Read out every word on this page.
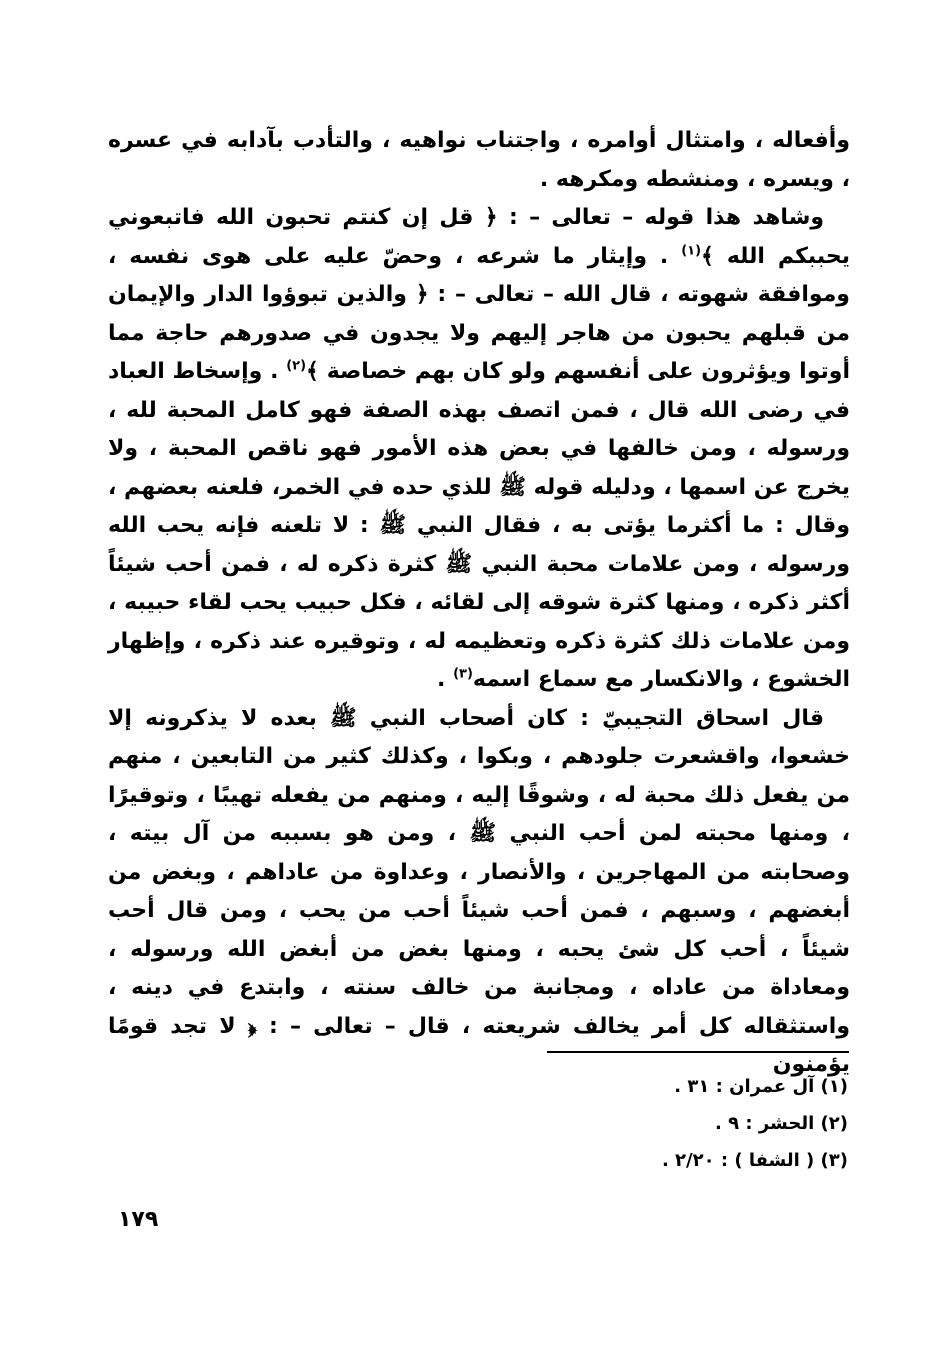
وأفعاله ، وامتثال أوامره ، واجتناب نواهيه ، والتأدب بآدابه في عسره ، ويسره ، ومنشطه ومكرهه .

وشاهد هذا قوله – تعالى – : ﴿ قل إن كنتم تحبون الله فاتبعوني يحببكم الله ﴾$^{(١)}$ . وإيثار ما شرعه ، وحضّ عليه على هوى نفسه ، وموافقة شهوته ، قال الله – تعالى – : ﴿ والذين تبوؤوا الدار والإيمان من قبلهم يحبون من هاجر إليهم ولا يجدون في صدورهم حاجة مما أوتوا ويؤثرون على أنفسهم ولو كان بهم خصاصة ﴾$^{(٢)}$ . وإسخاط العباد في رضى الله قال ، فمن اتصف بهذه الصفة فهو كامل المحبة لله ، ورسوله ، ومن خالفها في بعض هذه الأمور فهو ناقص المحبة ، ولا يخرج عن اسمها ، ودليله قوله ﷺ للذي حده في الخمر، فلعنه بعضهم ، وقال : ما أكثرما يؤتى به ، فقال النبي ﷺ : لا تلعنه فإنه يحب الله ورسوله ، ومن علامات محبة النبي ﷺ كثرة ذكره له ، فمن أحب شيئاً أكثر ذكره ، ومنها كثرة شوقه إلى لقائه ، فكل حبيب يحب لقاء حبيبه ، ومن علامات ذلك كثرة ذكره وتعظيمه له ، وتوقيره عند ذكره ، وإظهار الخشوع ، والانكسار مع سماع اسمه$^{(٣)}$ .

قال اسحاق التجيبيّ : كان أصحاب النبي ﷺ بعده لا يذكرونه إلا خشعوا، واقشعرت جلودهم ، وبكوا ، وكذلك كثير من التابعين ، منهم من يفعل ذلك محبة له ، وشوقًا إليه ، ومنهم من يفعله تهيبًا ، وتوقيرًا ، ومنها محبته لمن أحب النبي ﷺ ، ومن هو بسببه من آل بيته ، وصحابته من المهاجرين ، والأنصار ، وعداوة من عاداهم ، وبغض من أبغضهم ، وسبهم ، فمن أحب شيئاً أحب من يحب ، ومن قال أحب شيئاً ، أحب كل شئ يحبه ، ومنها بغض من أبغض الله ورسوله ، ومعاداة من عاداه ، ومجانبة من خالف سنته ، وابتدع في دينه ، واستثقاله كل أمر يخالف شريعته ، قال – تعالى – : ﴿ لا تجد قومًا يؤمنون

(١) آل عمران : ٣١ .
(٢) الحشر : ٩ .
(٣) ( الشفا ) : ٢/٢٠ .
١٧٩
